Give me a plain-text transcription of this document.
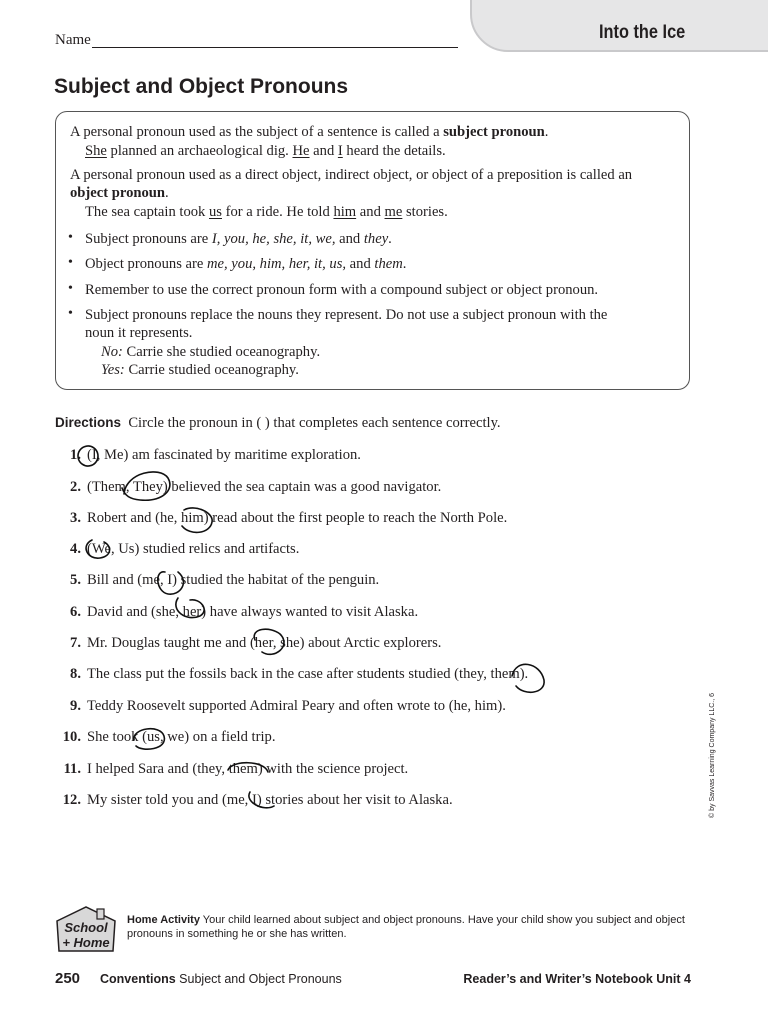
Into the Ice
Name
Subject and Object Pronouns
A personal pronoun used as the subject of a sentence is called a subject pronoun.
She planned an archaeological dig. He and I heard the details.
A personal pronoun used as a direct object, indirect object, or object of a preposition is called an
object pronoun.
The sea captain took us for a ride. He told him and me stories.
• Subject pronouns are I, you, he, she, it, we, and they.
• Object pronouns are me, you, him, her, it, us, and them.
• Remember to use the correct pronoun form with a compound subject or object pronoun.
• Subject pronouns replace the nouns they represent. Do not use a subject pronoun with the
noun it represents.
No: Carrie she studied oceanography.
Yes: Carrie studied oceanography.
Directions Circle the pronoun in ( ) that completes each sentence correctly.
1. (I, Me) am fascinated by maritime exploration.
2. (Them, They) believed the sea captain was a good navigator.
3. Robert and (he, him) read about the first people to reach the North Pole.
4. (We, Us) studied relics and artifacts.
5. Bill and (me, I) studied the habitat of the penguin.
6. David and (she, her) have always wanted to visit Alaska.
7. Mr. Douglas taught me and (her, she) about Arctic explorers.
8. The class put the fossils back in the case after students studied (they, them).
9. Teddy Roosevelt supported Admiral Peary and often wrote to (he, him).
10. She took (us, we) on a field trip.
11. I helped Sara and (they, them) with the science project.
12. My sister told you and (me, I) stories about her visit to Alaska.	© by Savvas Learning Company LLC., 6
School
+ Home
Home Activity Your child learned about subject and object pronouns. Have your child show you subject and object pronouns in something he or she has written.
250 Conventions Subject and Object Pronouns	Reader’s and Writer’s Notebook Unit 4
